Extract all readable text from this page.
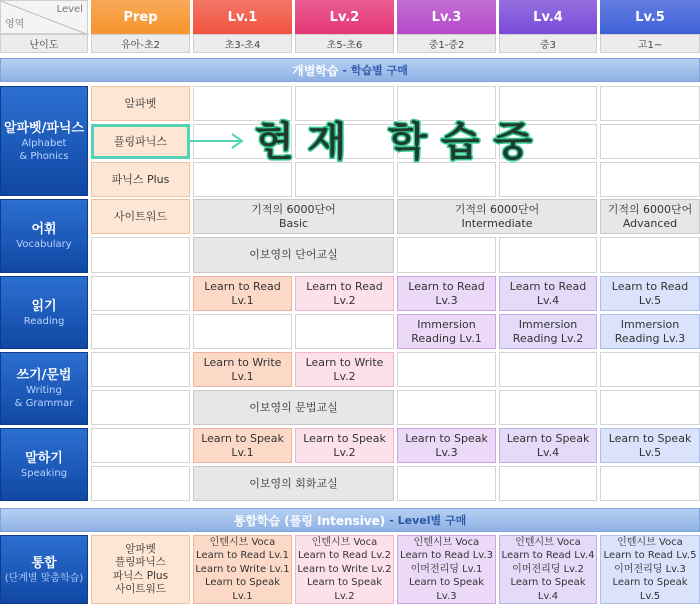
Level
영역	Prep
유아-초2
Lv.1
초3-초4
Lv.2
초5-초6
Lv.3
중1-중2
Lv.4
중3
Lv.5
고1~
난이도
개별학습 - 학습별 구매
알파벳/파닉스
Alphabet
& Phonics
어휘
Vocabulary
읽기
Reading
쓰기/문법
Writing
& Grammar
말하기
Speaking
알파벳
플링파닉스
파닉스 Plus
현재 학습중
사이트워드
기적의 6000단어
Basic
기적의 6000단어
Intermediate
기적의 6000단어
Advanced
이보영의 단어교실
Learn to Read
Lv.1
Learn to Read
Lv.2
Learn to Read
Lv.3
Learn to Read
Lv.4
Learn to Read
Lv.5
Immersion
Reading Lv.1
Immersion
Reading Lv.2
Immersion
Reading Lv.3
Learn to Write
Lv.1
Learn to Write
Lv.2
이보영의 문법교실
Learn to Speak
Lv.1
Learn to Speak
Lv.2
Learn to Speak
Lv.3
Learn to Speak
Lv.4
Learn to Speak
Lv.5
이보영의 회화교실
통합학습 (플링 Intensive) - Level별 구매
통합
(단계별 맞춤학습)
알파벳
플링파닉스
파닉스 Plus
사이트워드
인텐시브 Voca
Learn to Read Lv.1
Learn to Write Lv.1
Learn to Speak Lv.1
인텐시브 Voca
Learn to Read Lv.2
Learn to Write Lv.2
Learn to Speak Lv.2
인텐시브 Voca
Learn to Read Lv.3
이머전리딩 Lv.1
Learn to Speak Lv.3
인텐시브 Voca
Learn to Read Lv.4
이머전리딩 Lv.2
Learn to Speak Lv.4
인텐시브 Voca
Learn to Read Lv.5
이머전리딩 Lv.3
Learn to Speak Lv.5
